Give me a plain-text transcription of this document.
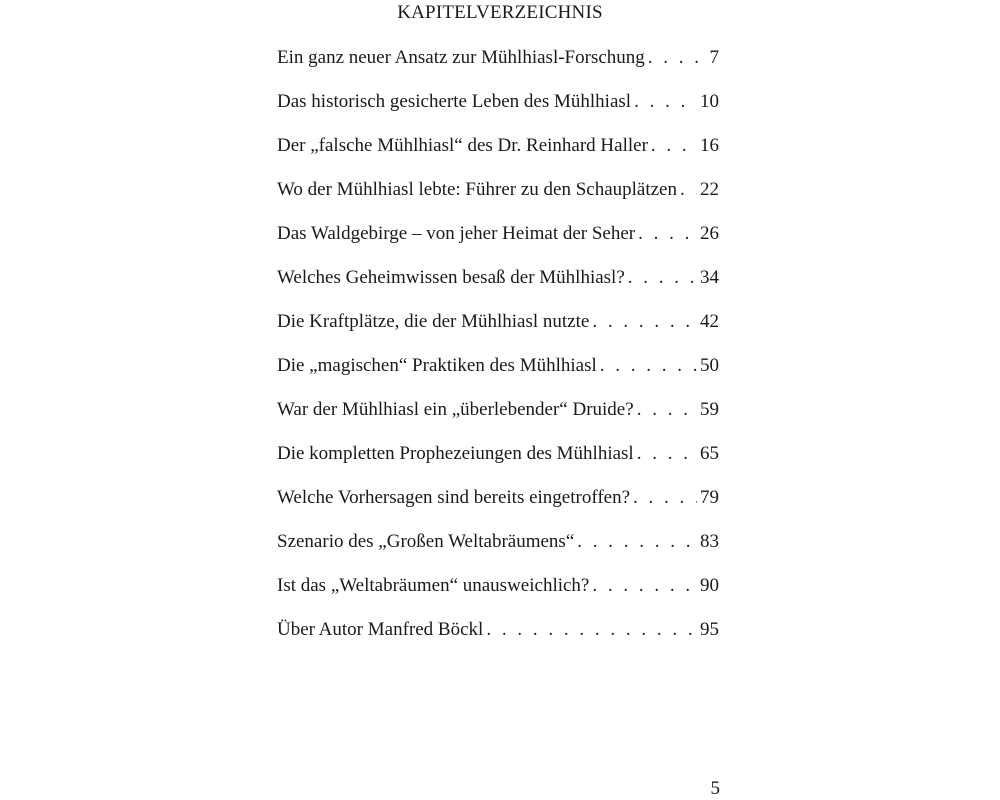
KAPITELVERZEICHNIS
Ein ganz neuer Ansatz zur Mühlhiasl-Forschung . . .	7
Das historisch gesicherte Leben des Mühlhiasl . . .	10
Der „falsche Mühlhiasl“ des Dr. Reinhard Haller . . .	16
Wo der Mühlhiasl lebte: Führer zu den Schauplätzen . . . 22
Das Waldgebirge – von jeher Heimat der Seher . . .	26
Welches Geheimwissen besaß der Mühlhiasl? . . .	34
Die Kraftplätze, die der Mühlhiasl nutzte . . .	42
Die „magischen“ Praktiken des Mühlhiasl . . .	50
War der Mühlhiasl ein „überlebender“ Druide? . . .	59
Die kompletten Prophezeiungen des Mühlhiasl . . .	65
Welche Vorhersagen sind bereits eingetroffen? . . .	79
Szenario des „Großen Weltabräumens“ . . .	83
Ist das „Weltabräumen“ unausweichlich? . . .	90
Über Autor Manfred Böckl . . .	95
5
